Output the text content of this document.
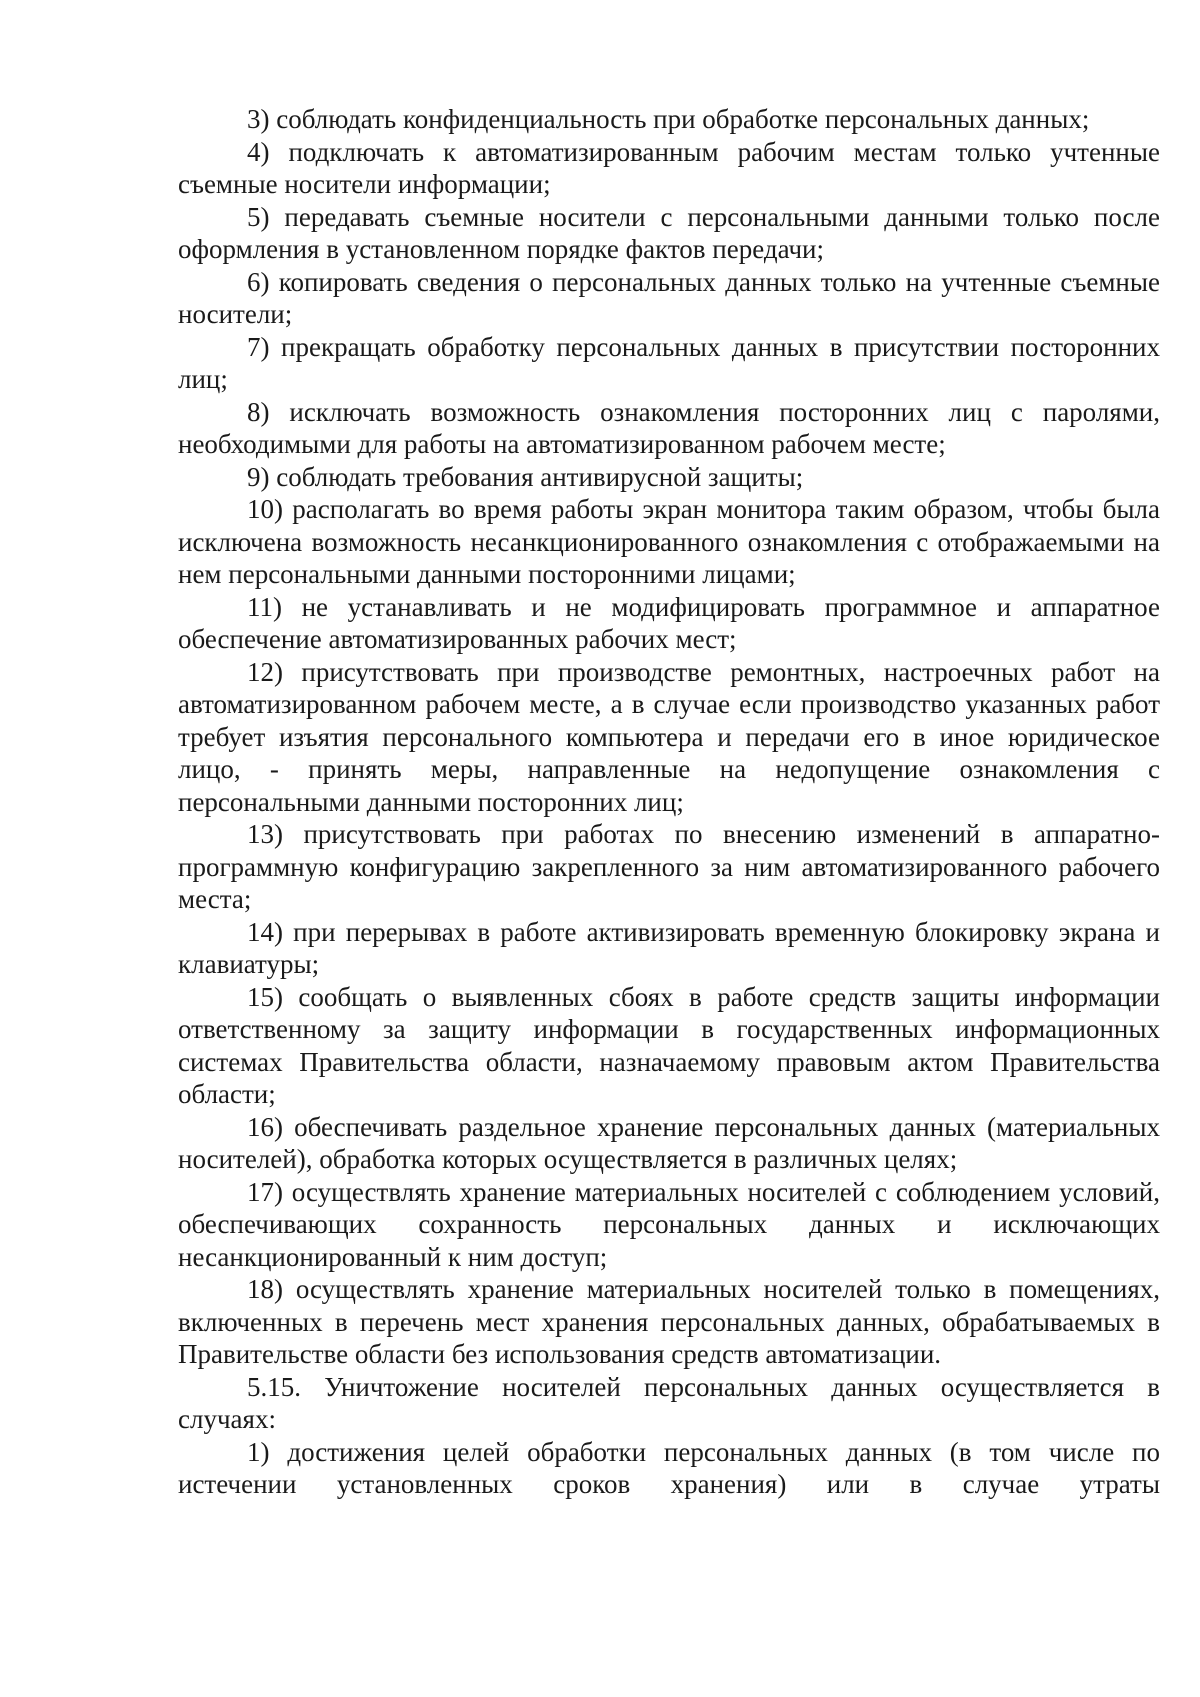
3) соблюдать конфиденциальность при обработке персональных данных;

4) подключать к автоматизированным рабочим местам только учтенные съемные носители информации;

5) передавать съемные носители с персональными данными только после оформления в установленном порядке фактов передачи;

6) копировать сведения о персональных данных только на учтенные съемные носители;

7) прекращать обработку персональных данных в присутствии посторонних лиц;

8) исключать возможность ознакомления посторонних лиц с паролями, необходимыми для работы на автоматизированном рабочем месте;

9) соблюдать требования антивирусной защиты;

10) располагать во время работы экран монитора таким образом, чтобы была исключена возможность несанкционированного ознакомления с отображаемыми на нем персональными данными посторонними лицами;

11) не устанавливать и не модифицировать программное и аппаратное обеспечение автоматизированных рабочих мест;

12) присутствовать при производстве ремонтных, настроечных работ на автоматизированном рабочем месте, а в случае если производство указанных работ требует изъятия персонального компьютера и передачи его в иное юридическое лицо, - принять меры, направленные на недопущение ознакомления с персональными данными посторонних лиц;

13) присутствовать при работах по внесению изменений в аппаратно-программную конфигурацию закрепленного за ним автоматизированного рабочего места;

14) при перерывах в работе активизировать временную блокировку экрана и клавиатуры;

15) сообщать о выявленных сбоях в работе средств защиты информации ответственному за защиту информации в государственных информационных системах Правительства области, назначаемому правовым актом Правительства области;

16) обеспечивать раздельное хранение персональных данных (материальных носителей), обработка которых осуществляется в различных целях;

17) осуществлять хранение материальных носителей с соблюдением условий, обеспечивающих сохранность персональных данных и исключающих несанкционированный к ним доступ;

18) осуществлять хранение материальных носителей только в помещениях, включенных в перечень мест хранения персональных данных, обрабатываемых в Правительстве области без использования средств автоматизации.

5.15. Уничтожение носителей персональных данных осуществляется в случаях:

1) достижения целей обработки персональных данных (в том числе по истечении установленных сроков хранения) или в случае утраты
